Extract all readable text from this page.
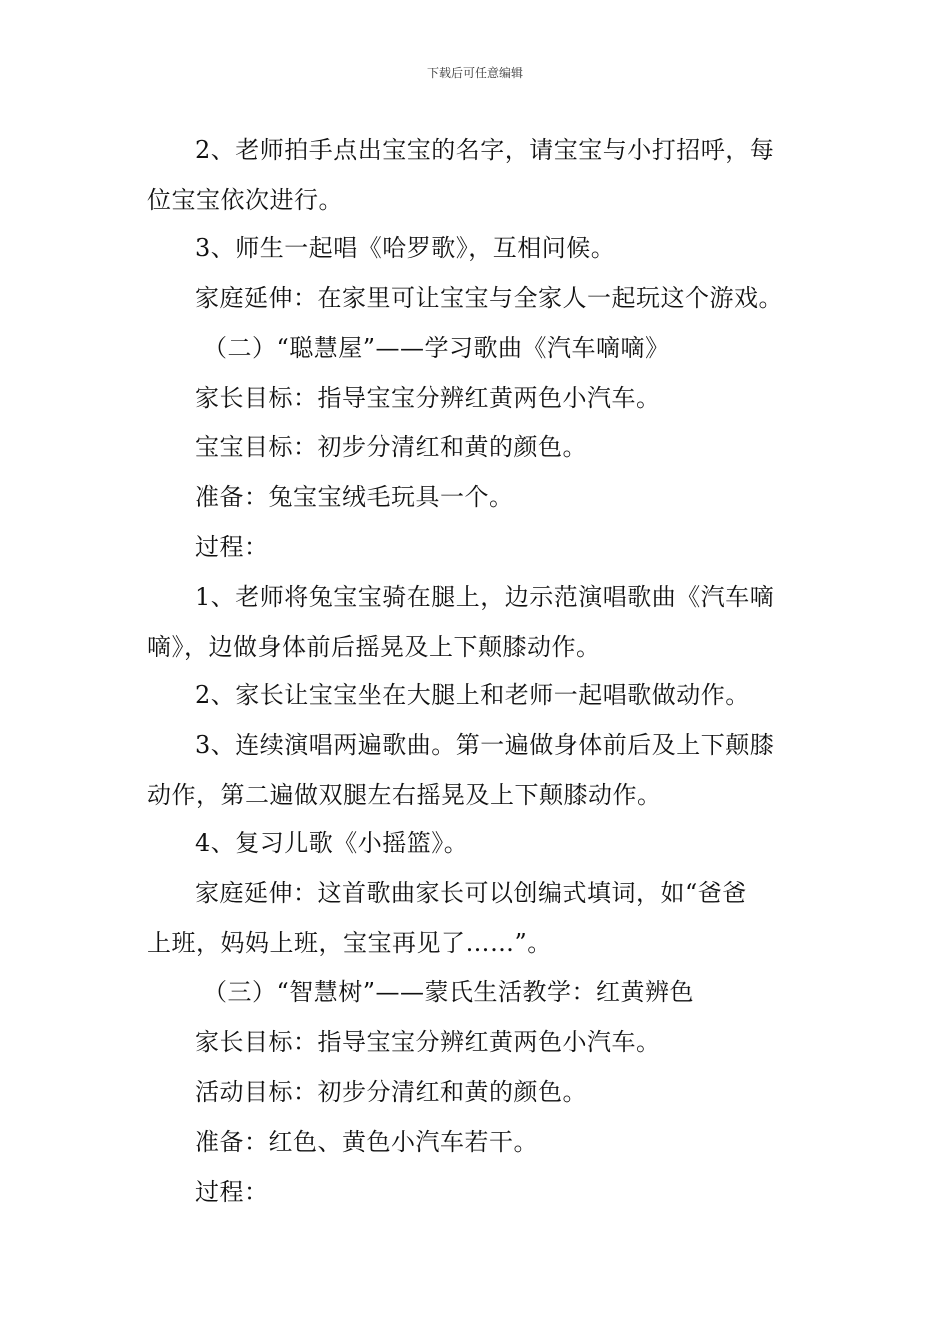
下载后可任意编辑
2、老师拍手点出宝宝的名字，请宝宝与小打招呼，每
位宝宝依次进行。
3、师生一起唱《哈罗歌》，互相问候。
家庭延伸：在家里可让宝宝与全家人一起玩这个游戏。
（二）“聪慧屋”——学习歌曲《汽车嘀嘀》
家长目标：指导宝宝分辨红黄两色小汽车。
宝宝目标：初步分清红和黄的颜色。
准备：兔宝宝绒毛玩具一个。
过程：
1、老师将兔宝宝骑在腿上，边示范演唱歌曲《汽车嘀
嘀》，边做身体前后摇晃及上下颠膝动作。
2、家长让宝宝坐在大腿上和老师一起唱歌做动作。
3、连续演唱两遍歌曲。第一遍做身体前后及上下颠膝
动作，第二遍做双腿左右摇晃及上下颠膝动作。
4、复习儿歌《小摇篮》。
家庭延伸：这首歌曲家长可以创编式填词，如“爸爸
上班，妈妈上班，宝宝再见了……”。
（三）“智慧树”——蒙氏生活教学：红黄辨色
家长目标：指导宝宝分辨红黄两色小汽车。
活动目标：初步分清红和黄的颜色。
准备：红色、黄色小汽车若干。
过程：
